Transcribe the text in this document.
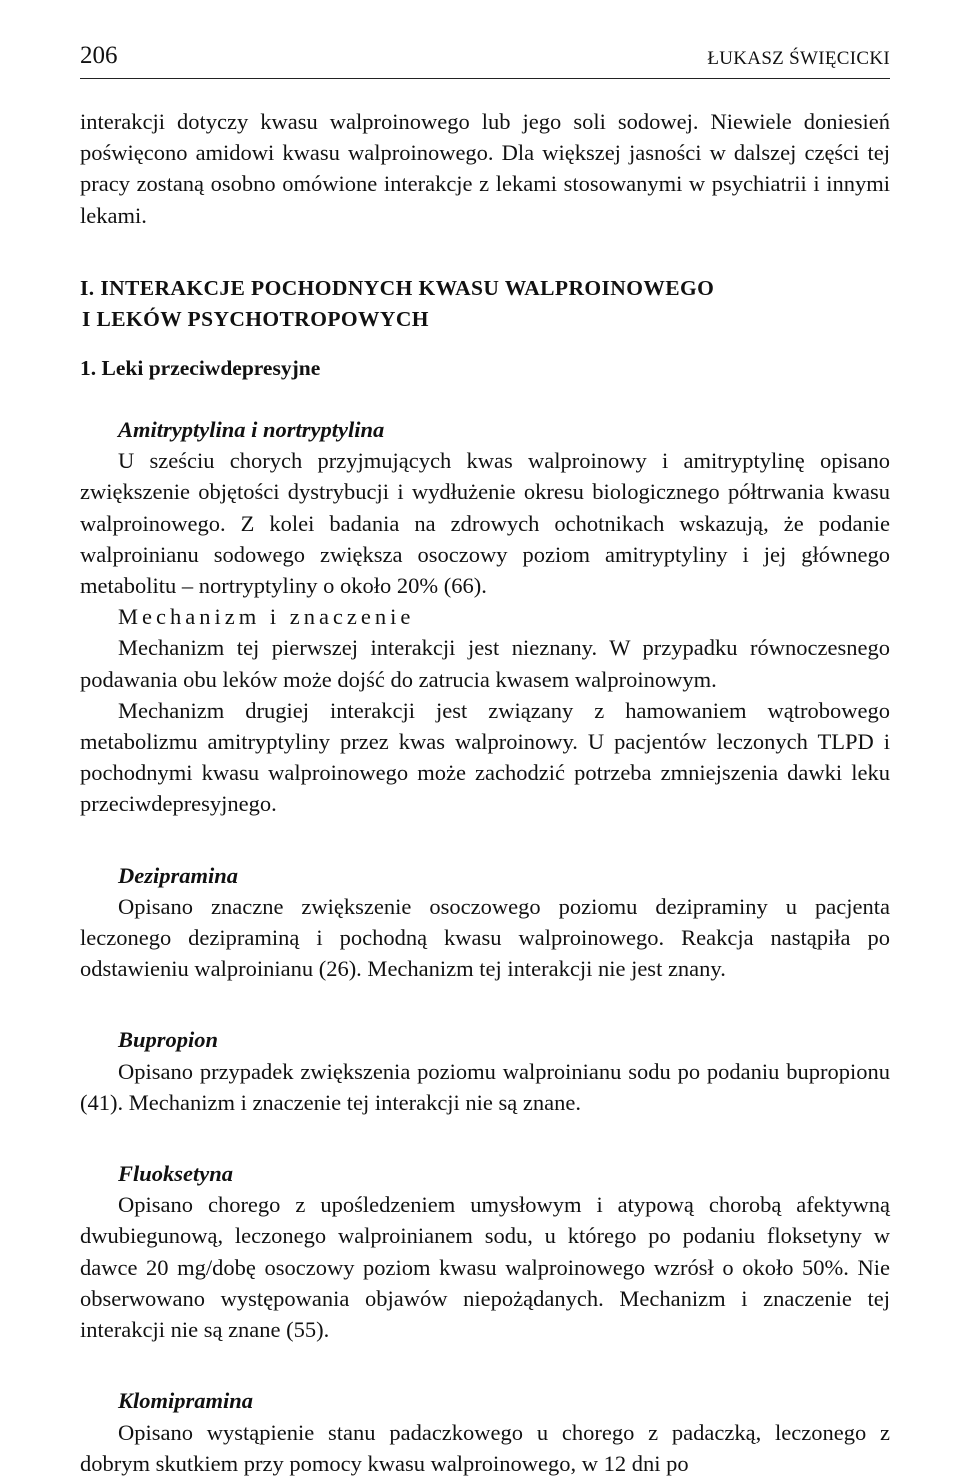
206	ŁUKASZ ŚWIĘCICKI

interakcji dotyczy kwasu walproinowego lub jego soli sodowej. Niewiele doniesień poświęcono amidowi kwasu walproinowego. Dla większej jasności w dalszej części tej pracy zostaną osobno omówione interakcje z lekami stosowanymi w psychiatrii i innymi lekami.

I. INTERAKCJE POCHODNYCH KWASU WALPROINOWEGO
I LEKÓW PSYCHOTROPOWYCH
1. Leki przeciwdepresyjne

Amitryptylina i nortryptylina

U sześciu chorych przyjmujących kwas walproinowy i amitryptylinę opisano zwiększenie objętości dystrybucji i wydłużenie okresu biologicznego półtrwania kwasu walproinowego. Z kolei badania na zdrowych ochotnikach wskazują, że podanie walproinianu sodowego zwiększa osoczowy poziom amitryptyliny i jej głównego metabolitu – nortryptyliny o około 20% (66).

Mechanizm i znaczenie

Mechanizm tej pierwszej interakcji jest nieznany. W przypadku równoczesnego podawania obu leków może dojść do zatrucia kwasem walproinowym.

Mechanizm drugiej interakcji jest związany z hamowaniem wątrobowego metabolizmu amitryptyliny przez kwas walproinowy. U pacjentów leczonych TLPD i pochodnymi kwasu walproinowego może zachodzić potrzeba zmniejszenia dawki leku przeciwdepresyjnego.

Dezipramina

Opisano znaczne zwiększenie osoczowego poziomu dezipraminy u pacjenta leczonego dezipraminą i pochodną kwasu walproinowego. Reakcja nastąpiła po odstawieniu walproinianu (26). Mechanizm tej interakcji nie jest znany.

Bupropion

Opisano przypadek zwiększenia poziomu walproinianu sodu po podaniu bupropionu (41). Mechanizm i znaczenie tej interakcji nie są znane.

Fluoksetyna

Opisano chorego z upośledzeniem umysłowym i atypową chorobą afektywną dwubiegunową, leczonego walproinianem sodu, u którego po podaniu floksetyny w dawce 20 mg/dobę osoczowy poziom kwasu walproinowego wzrósł o około 50%. Nie obserwowano występowania objawów niepożądanych. Mechanizm i znaczenie tej interakcji nie są znane (55).

Klomipramina

Opisano wystąpienie stanu padaczkowego u chorego z padaczką, leczonego z dobrym skutkiem przy pomocy kwasu walproinowego, w 12 dni po
